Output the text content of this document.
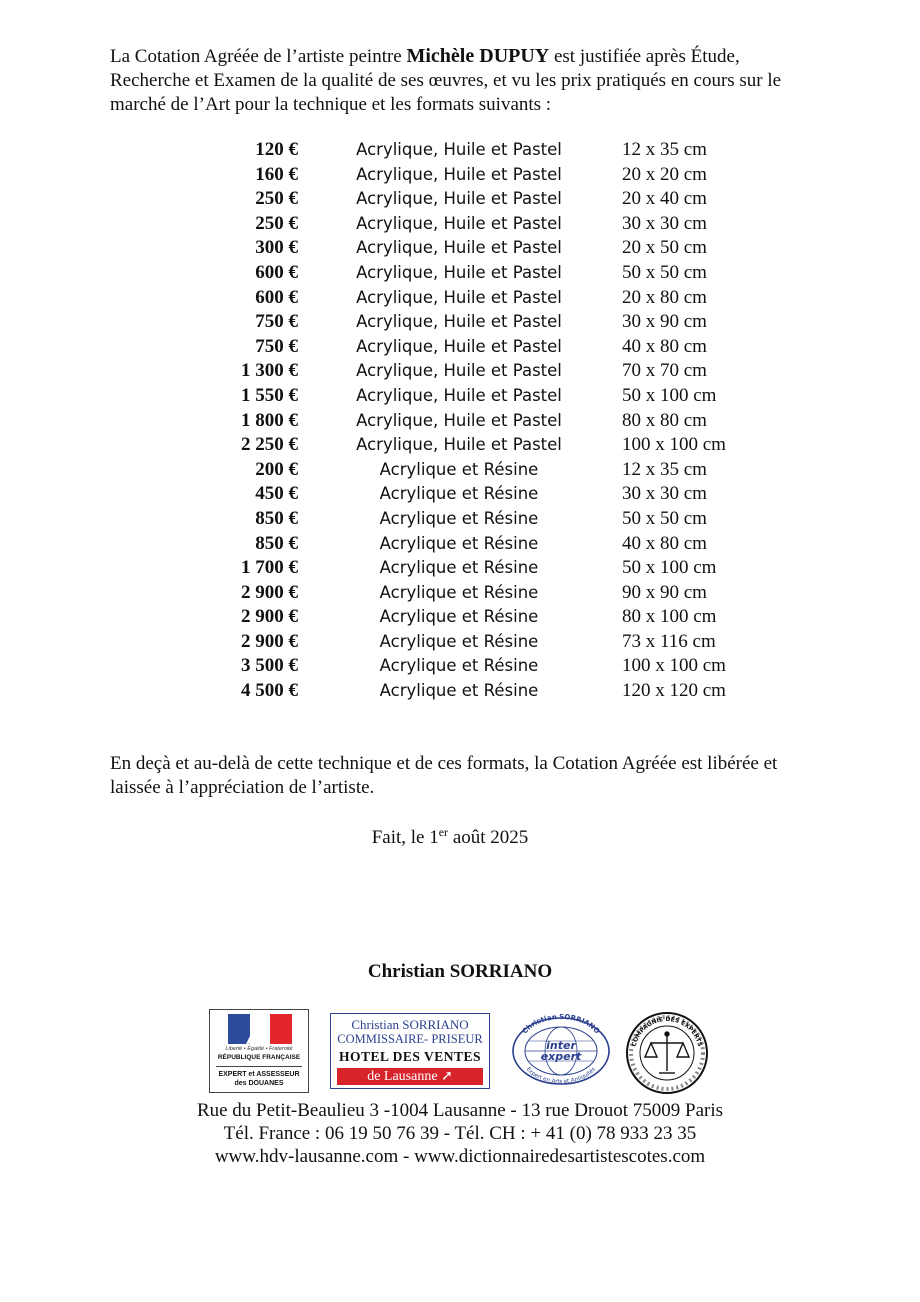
La Cotation Agréée de l’artiste peintre Michèle DUPUY est justifiée après Étude, Recherche et Examen de la qualité de ses œuvres, et vu les prix pratiqués en cours sur le marché de l’Art pour la technique et les formats suivants :

120 €	Acrylique, Huile et Pastel	12 x 35 cm
160 €	Acrylique, Huile et Pastel	20 x 20 cm
250 €	Acrylique, Huile et Pastel	20 x 40 cm
250 €	Acrylique, Huile et Pastel	30 x 30 cm
300 €	Acrylique, Huile et Pastel	20 x 50 cm
600 €	Acrylique, Huile et Pastel	50 x 50 cm
600 €	Acrylique, Huile et Pastel	20 x 80 cm
750 €	Acrylique, Huile et Pastel	30 x 90 cm
750 €	Acrylique, Huile et Pastel	40 x 80 cm
1 300 €	Acrylique, Huile et Pastel	70 x 70 cm
1 550 €	Acrylique, Huile et Pastel	50 x 100 cm
1 800 €	Acrylique, Huile et Pastel	80 x 80 cm
2 250 €	Acrylique, Huile et Pastel	100 x 100 cm
200 €	Acrylique et Résine	12 x 35 cm
450 €	Acrylique et Résine	30 x 30 cm
850 €	Acrylique et Résine	50 x 50 cm
850 €	Acrylique et Résine	40 x 80 cm
1 700 €	Acrylique et Résine	50 x 100 cm
2 900 €	Acrylique et Résine	90 x 90 cm
2 900 €	Acrylique et Résine	80 x 100 cm
2 900 €	Acrylique et Résine	73 x 116 cm
3 500 €	Acrylique et Résine	100 x 100 cm
4 500 €	Acrylique et Résine	120 x 120 cm

En deçà et au-delà de cette technique et de ces formats, la Cotation Agréée est libérée et laissée à l’appréciation de l’artiste.

Fait, le 1er août 2025
Christian SORRIANO
Liberté • Égalité • Fraternité
RÉPUBLIQUE FRANÇAISE
EXPERT et ASSESSEUR
des DOUANES
Christian SORRIANO
COMMISSAIRE- PRISEUR
HOTEL DES VENTES
de Lausanne ➚
Christian SORRIANO
inter
expert
Expert en Arts et Antiquités
COMPAGNIE DES EXPERTS
Rue du Petit-Beaulieu 3 -1004 Lausanne - 13 rue Drouot 75009 Paris
Tél. France : 06 19 50 76 39 - Tél. CH : + 41 (0) 78 933 23 35
www.hdv-lausanne.com - www.dictionnairedesartistescotes.com
